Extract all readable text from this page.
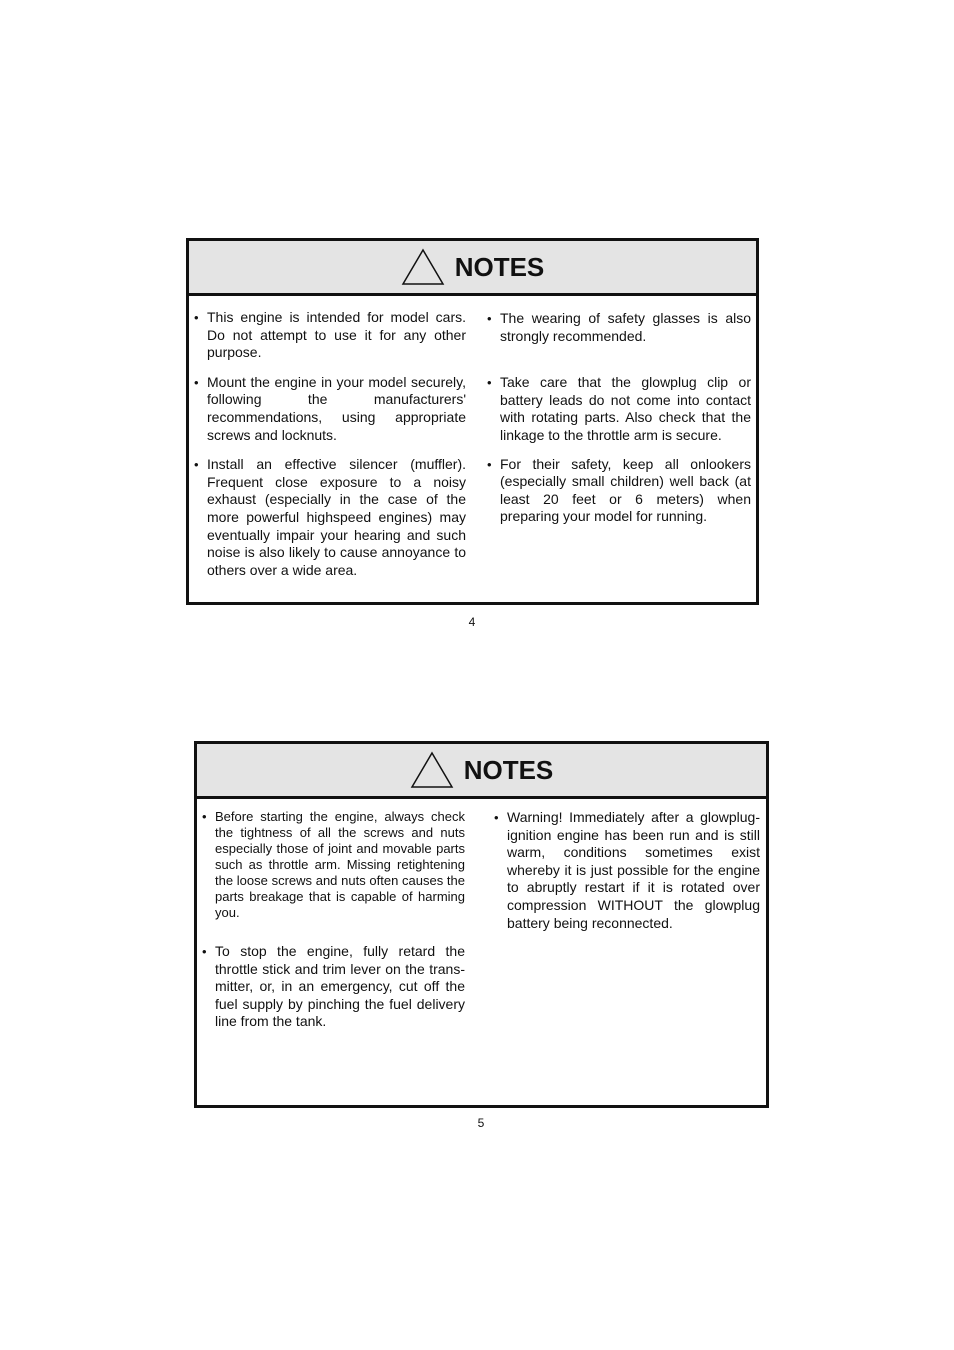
NOTES
• This engine is intended for model cars. Do not attempt to use it for any other purpose.
• Mount the engine in your model securely, following the manufacturers' recommendations, using appropriate screws and locknuts.
• Install an effective silencer (muffler). Frequent close exposure to a noisy exhaust (especially in the case of the more powerful highspeed engines) may eventually impair your hearing and such noise is also likely to cause annoyance to others over a wide area.
• The wearing of safety glasses is also strongly recommended.
• Take care that the glowplug clip or battery leads do not come into contact with rotating parts. Also check that the linkage to the throttle arm is secure.
• For their safety, keep all onlookers (especially small children) well back (at least 20 feet or 6 meters) when preparing your model for running.
4
NOTES
• Before starting the engine, always check the tightness of all the screws and nuts especially those of joint and movable parts such as throttle arm. Missing retightening the loose screws and nuts often causes the parts breakage that is capable of harming you.
• To stop the engine, fully retard the throttle stick and trim lever on the trans-mitter, or, in an emergency, cut off the fuel supply by pinching the fuel delivery line from the tank.
• Warning! Immediately after a glowplug-ignition engine has been run and is still warm, conditions sometimes exist whereby it is just possible for the engine to abruptly restart if it is rotated over compression WITHOUT the glowplug battery being reconnected.
5
